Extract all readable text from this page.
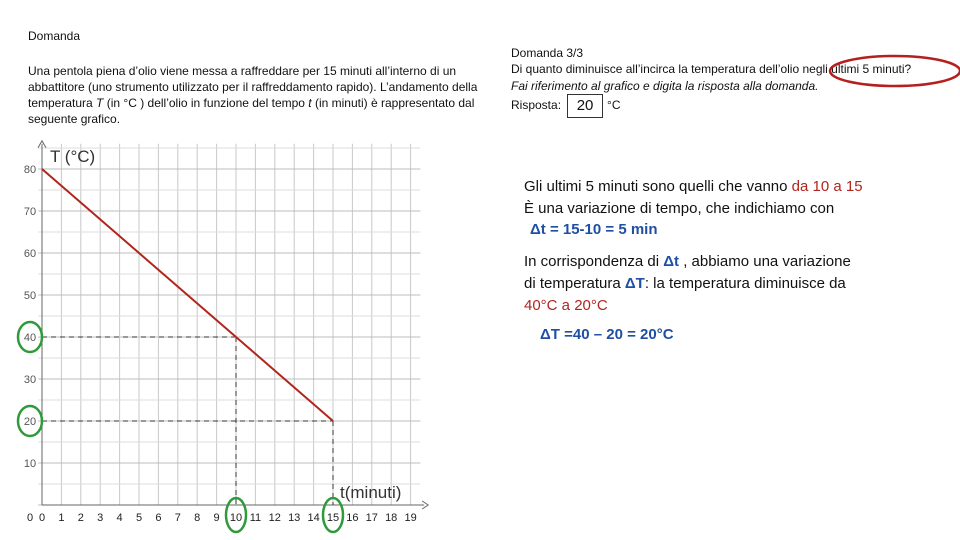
Domanda
Una pentola piena d’olio viene messa a raffreddare per 15 minuti all’interno di un abbattitore (uno strumento utilizzato per il raffreddamento rapido). L’andamento della temperatura T (in °C ) dell’olio in funzione del tempo t (in minuti) è rappresentato dal seguente grafico.
0 1 2 3 4 5 6 7 8 9 10 11 12 13 14 15 16 17 18 19
10
20
30
40
50
60
70
80
0
T (°C)
t(minuti)
Domanda 3/3
Di quanto diminuisce all’incirca la temperatura dell’olio negli ultimi 5 minuti?
Fai riferimento al grafico e digita la risposta alla domanda.
Risposta: 20 °C
Gli ultimi 5 minuti sono quelli che vanno da 10 a 15
È una variazione di tempo, che indichiamo con
Δt = 15-10 = 5 min
In corrispondenza di Δt , abbiamo una variazione
di temperatura ΔT: la temperatura diminuisce da
40°C a 20°C
ΔT =40 – 20 = 20°C
